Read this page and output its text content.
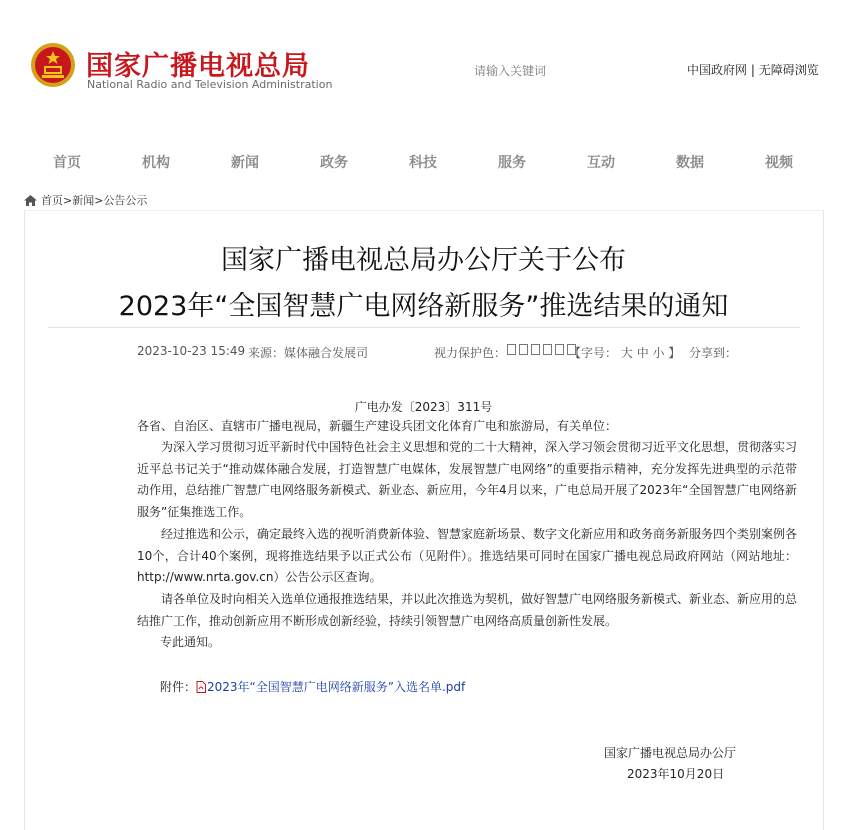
国家广播电视总局
National Radio and Television Administration
请输入关键词	中国政府网 | 无障碍浏览
首页	机构	新闻	政务	科技	服务	互动	数据	视频
首页 > 新闻 > 公告公示
国家广播电视总局办公厅关于公布
2023年“全国智慧广电网络新服务”推选结果的通知
2023-10-23 15:49 来源：媒体融合发展司	视力保护色：	【字号： 大 中 小 】 分享到：
广电办发〔2023〕311号
各省、自治区、直辖市广播电视局，新疆生产建设兵团文化体育广电和旅游局，有关单位：
为深入学习贯彻习近平新时代中国特色社会主义思想和党的二十大精神，深入学习领会贯彻习近平文化思想，贯彻落实习近平总书记关于“推动媒体融合发展，打造智慧广电媒体，发展智慧广电网络”的重要指示精神，充分发挥先进典型的示范带动作用，总结推广智慧广电网络服务新模式、新业态、新应用，今年4月以来，广电总局开展了2023年“全国智慧广电网络新服务”征集推选工作。
经过推选和公示，确定最终入选的视听消费新体验、智慧家庭新场景、数字文化新应用和政务商务新服务四个类别案例各10个，合计40个案例，现将推选结果予以正式公布（见附件）。推选结果可同时在国家广播电视总局政府网站（网站地址：http://www.nrta.gov.cn）公告公示区查询。
请各单位及时向相关入选单位通报推选结果，并以此次推选为契机，做好智慧广电网络服务新模式、新业态、新应用的总结推广工作，推动创新应用不断形成创新经验，持续引领智慧广电网络高质量创新性发展。
专此通知。
附件： 2023年“全国智慧广电网络新服务”入选名单.pdf
国家广播电视总局办公厅
2023年10月20日
